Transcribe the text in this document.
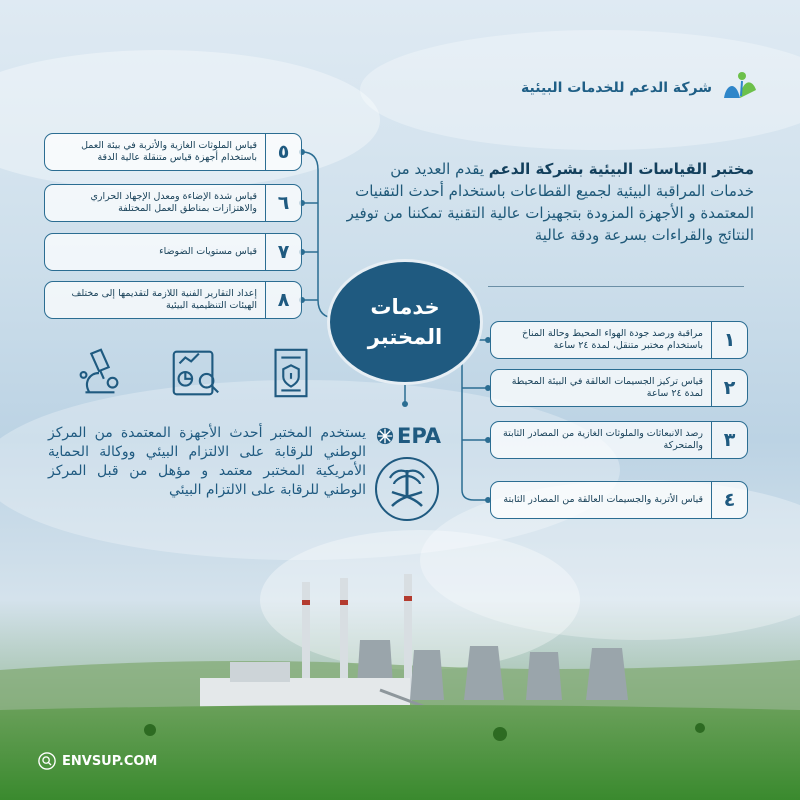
شركة الدعم للخدمات البيئية
مختبر القياسات البيئية بشركة الدعم يقدم العديد من خدمات المراقبة البيئية لجميع القطاعات باستخدام أحدث التقنيات المعتمدة و الأجهزة المزودة بتجهيزات عالية التقنية تمكننا من توفير النتائج والقراءات بسرعة ودقة عالية
خدمات
المختبر
٥
قياس الملوثات الغازية والأتربة في بيئة العمل باستخدام أجهزة قياس متنقلة عالية الدقة
٦
قياس شدة الإضاءة ومعدل الإجهاد الحراري والاهتزازات بمناطق العمل المختلفة
٧
قياس مستويات الضوضاء
٨
إعداد التقارير الفنية اللازمة لتقديمها إلى مختلف الهيئات التنظيمية البيئية
١
مراقبة ورصد جودة الهواء المحيط وحالة المناخ باستخدام مختبر متنقل، لمدة ٢٤ ساعة
٢
قياس تركيز الجسيمات العالقة في البيئة المحيطة لمدة ٢٤ ساعة
٣
رصد الانبعاثات والملوثات الغازية من المصادر الثابتة والمتحركة
٤
قياس الأتربة والجسيمات العالقة من المصادر الثابتة
يستخدم المختبر أحدث الأجهزة المعتمدة من المركز الوطني للرقابة على الالتزام البيئي ووكالة الحماية الأمريكية المختبر معتمد و مؤهل من قبل المركز الوطني للرقابة على الالتزام البيئي
EPA
ENVSUP.COM
